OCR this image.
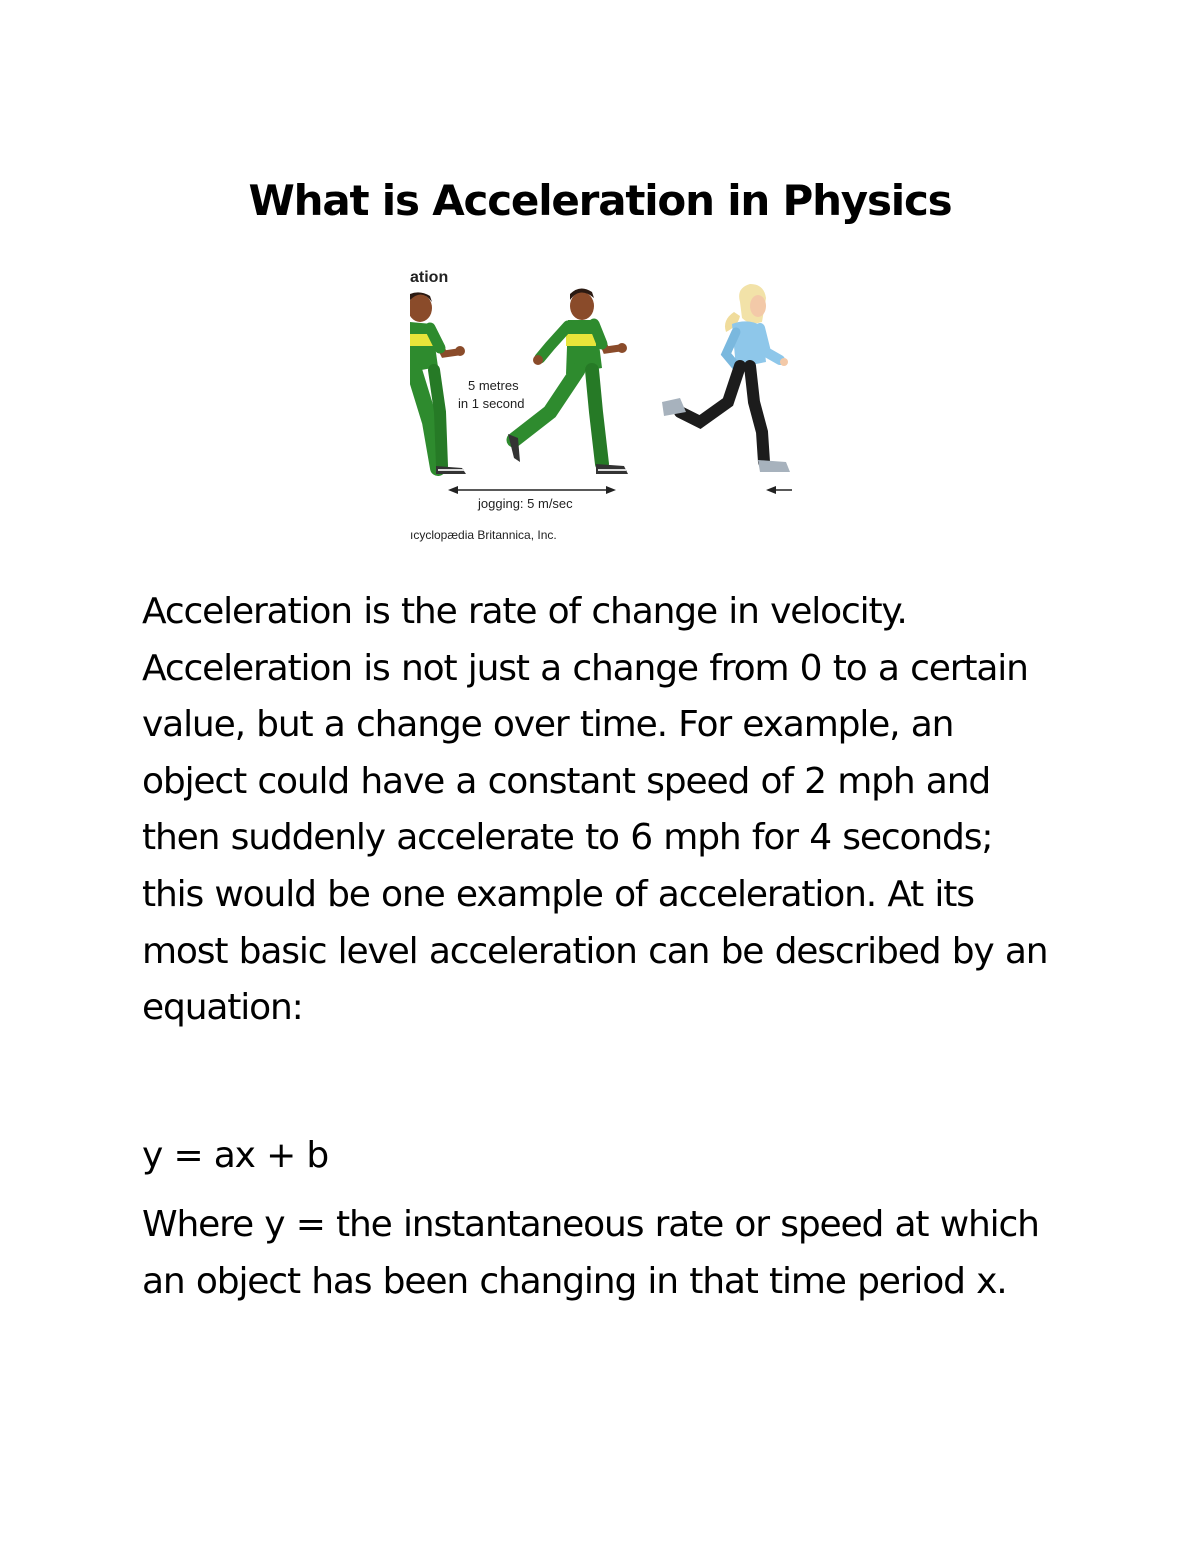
What is Acceleration in Physics
ation
5 metres
in 1 second
jogging: 5 m/sec
ıcyclopædia Britannica, Inc.
Acceleration is the rate of change in velocity.
Acceleration is not just a change from 0 to a certain
value, but a change over time. For example, an
object could have a constant speed of 2 mph and
then suddenly accelerate to 6 mph for 4 seconds;
this would be one example of acceleration. At its
most basic level acceleration can be described by an
equation:
y = ax + b
Where y = the instantaneous rate or speed at which
an object has been changing in that time period x.
